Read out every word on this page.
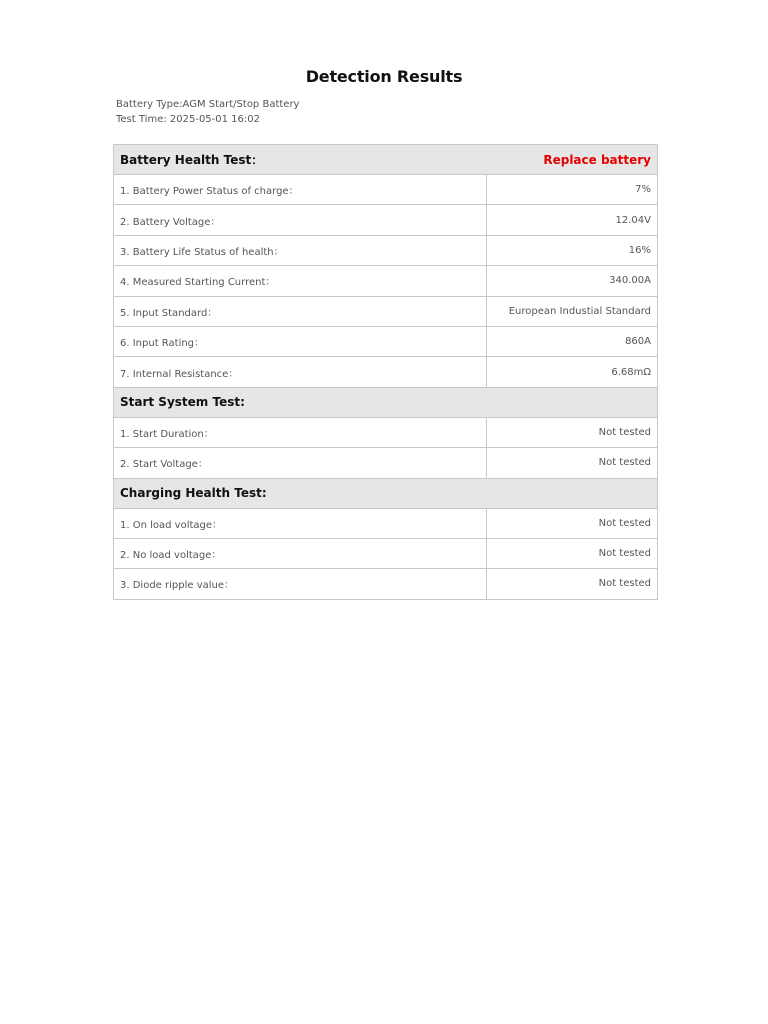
Detection Results
Battery Type:AGM Start/Stop Battery
Test Time: 2025-05-01 16:02
Battery Health Test：	Replace battery
1. Battery Power Status of charge：	7%
2. Battery Voltage：	12.04V
3. Battery Life Status of health：	16%
4. Measured Starting Current：	340.00A
5. Input Standard：	European Industial Standard
6. Input Rating：	860A
7. Internal Resistance：	6.68mΩ
Start System Test:
1. Start Duration：	Not tested
2. Start Voltage：	Not tested
Charging Health Test:
1. On load voltage：	Not tested
2. No load voltage：	Not tested
3. Diode ripple value：	Not tested
